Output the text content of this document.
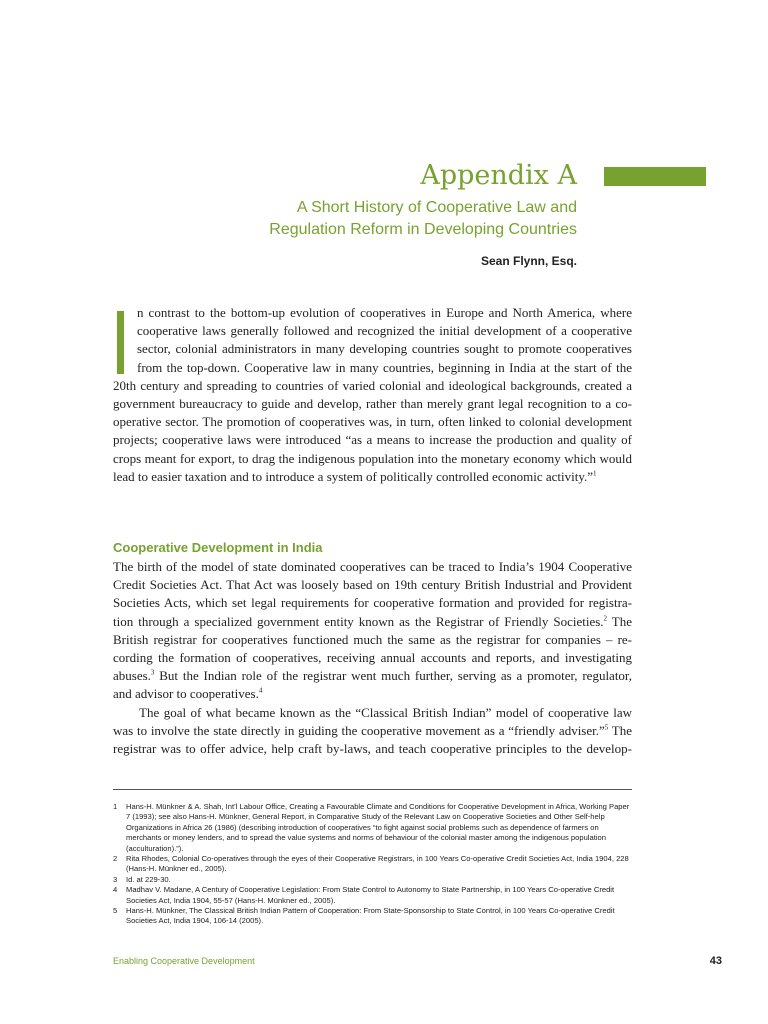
Appendix A
A Short History of Cooperative Law and
Regulation Reform in Developing Countries
Sean Flynn, Esq.

n contrast to the bottom-up evolution of cooperatives in Europe and North America, where
cooperative laws generally followed and recognized the initial development of a cooperative
sector, colonial administrators in many developing countries sought to promote cooperatives
from the top-down. Cooperative law in many countries, beginning in India at the start of the
20th century and spreading to countries of varied colonial and ideological backgrounds, created a
government bureaucracy to guide and develop, rather than merely grant legal recognition to a co-
operative sector. The promotion of cooperatives was, in turn, often linked to colonial development
projects; cooperative laws were introduced “as a means to increase the production and quality of
crops meant for export, to drag the indigenous population into the monetary economy which would
lead to easier taxation and to introduce a system of politically controlled economic activity.”$^1$

Cooperative Development in India

The birth of the model of state dominated cooperatives can be traced to India’s 1904 Cooperative
Credit Societies Act. That Act was loosely based on 19th century British Industrial and Provident
Societies Acts, which set legal requirements for cooperative formation and provided for registra-
tion through a specialized government entity known as the Registrar of Friendly Societies.$^2$ The
British registrar for cooperatives functioned much the same as the registrar for companies – re-
cording the formation of cooperatives, receiving annual accounts and reports, and investigating
abuses.$^3$ But the Indian role of the registrar went much further, serving as a promoter, regulator,
and advisor to cooperatives.$^4$
The goal of what became known as the “Classical British Indian” model of cooperative law
was to involve the state directly in guiding the cooperative movement as a “friendly adviser.”$^5$ The
registrar was to offer advice, help craft by-laws, and teach cooperative principles to the develop-

1 Hans-H. Münkner & A. Shah, Int’l Labour Office, Creating a Favourable Climate and Conditions for Cooperative Development in Africa, Working Paper 7 (1993); see also Hans-H. Münkner, General Report, in Comparative Study of the Relevant Law on Cooperative Societies and Other Self-help Organizations in Africa 26 (1986) (describing introduction of cooperatives “to fight against social problems such as dependence of farmers on merchants or money lenders, and to spread the value systems and norms of behaviour of the colonial master among the indigenous population (acculturation).”).
2 Rita Rhodes, Colonial Co-operatives through the eyes of their Cooperative Registrars, in 100 Years Co-operative Credit Societies Act, India 1904, 228 (Hans-H. Münkner ed., 2005).
3 Id. at 229-30.
4 Madhav V. Madane, A Century of Cooperative Legislation: From State Control to Autonomy to State Partnership, in 100 Years Co-operative Credit Societies Act, India 1904, 55-57 (Hans-H. Münkner ed., 2005).
5 Hans-H. Münkner, The Classical British Indian Pattern of Cooperation: From State-Sponsorship to State Control, in 100 Years Co-operative Credit Societies Act, India 1904, 106-14 (2005).
Enabling Cooperative Development	43
